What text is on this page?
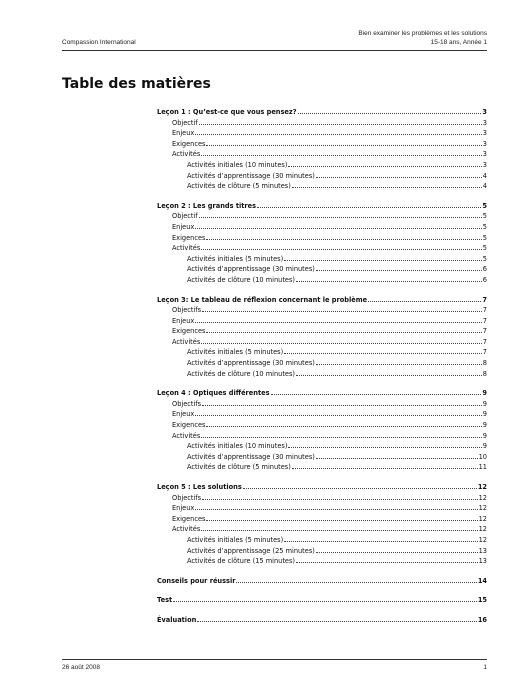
Compassion International
Bien examiner les problèmes et les solutions
15-18 ans, Année 1
Table des matières
Leçon 1 : Qu’est-ce que vous pensez?	3
Objectif	3
Enjeux	3
Exigences	3
Activités	3
Activités initiales (10 minutes)	3
Activités d’apprentissage (30 minutes)	4
Activités de clôture (5 minutes)	4
Leçon 2 : Les grands titres	5
Objectif	5
Enjeux	5
Exigences	5
Activités	5
Activités initiales (5 minutes)	5
Activités d’apprentissage (30 minutes)	6
Activités de clôture (10 minutes)	6
Leçon 3: Le tableau de réflexion concernant le problème	7
Objectifs	7
Enjeux	7
Exigences	7
Activités	7
Activités initiales (5 minutes)	7
Activités d’apprentissage (30 minutes)	8
Activités de clôture (10 minutes)	8
Leçon 4 : Optiques différentes	9
Objectifs	9
Enjeux	9
Exigences	9
Activités	9
Activités initiales (10 minutes)	9
Activités d’apprentissage (30 minutes)	10
Activités de clôture (5 minutes)	11
Leçon 5 : Les solutions	12
Objectifs	12
Enjeux	12
Exigences	12
Activités	12
Activités initiales (5 minutes)	12
Activités d’apprentissage (25 minutes)	13
Activités de clôture (15 minutes)	13
Conseils pour réussir	14
Test	15
Évaluation	16
26 août 2008	1
